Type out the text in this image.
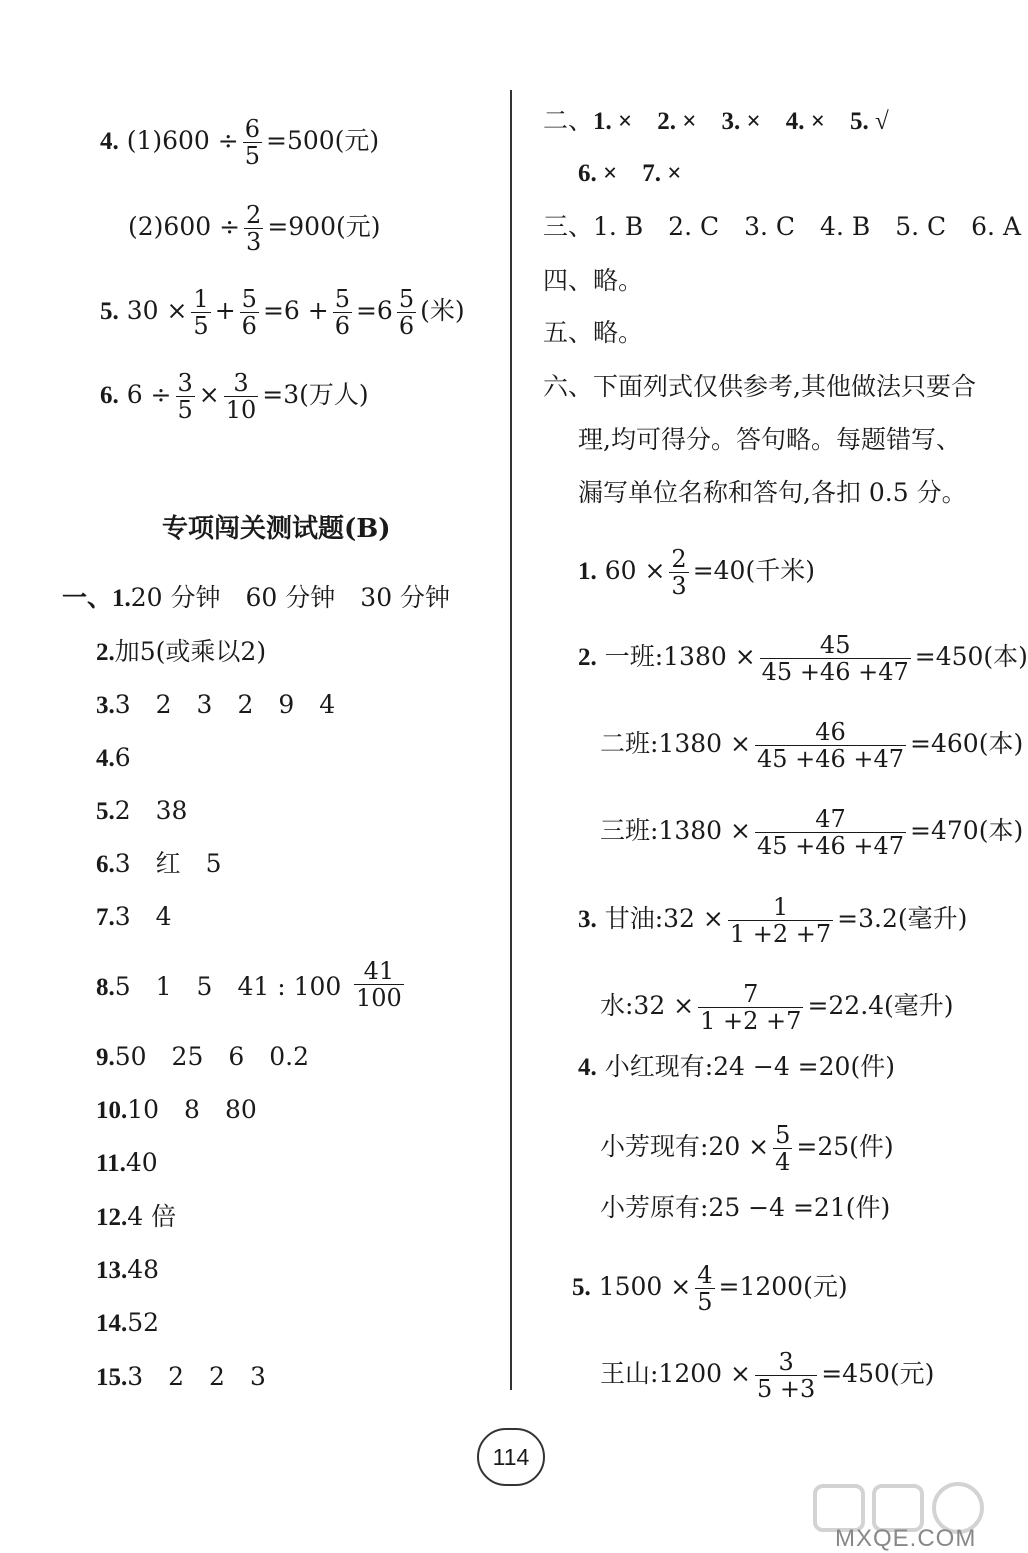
4. $(1)600 \div \frac{6}{5} =500$(元)
$(2)600 \div \frac{2}{3} =900$(元)
5. $30 \times \frac{1}{5} + \frac{5}{6} =6 + \frac{5}{6} =6 \frac{5}{6}$ (米)
6. $6 \div \frac{3}{5} \times \frac{3}{10} =3$(万人)
专项闯关测试题(B)
一、1.20 分钟　60 分钟　30 分钟
2.加5(或乘以2)
3.3　2　3　2　9　4
4.6
5.2　38
6.3　红　5
7.3　4
8.5　1　5　41 : 100
9.50　25　6　0.2
10.10　8　80
11.40
12.4 倍
13.48
14.52
15.3　2　2　3
$\frac{41}{100}$
二、1. ×　2. ×　3. ×　4. ×　5. √
6. ×　7. ×
三、1. B　2. C　3. C　4. B　5. C　6. A
四、略。
五、略。
六、下面列式仅供参考,其他做法只要合
理,均可得分。答句略。每题错写、
漏写单位名称和答句,各扣 0.5 分。
1. $60 \times \frac{2}{3} =40$(千米)
2. 一班:1380 × $\frac{45}{45 +46 +47} =450$(本)
二班:1380 × $\frac{46}{45 +46 +47} =460$(本)
三班:1380 × $\frac{47}{45 +46 +47} =470$(本)
3. 甘油:32 × $\frac{1}{1 +2 +7} =3.2$(毫升)
水:32 × $\frac{7}{1 +2 +7} =22.4$(毫升)
4. 小红现有:24 −4 =20(件)
小芳现有:20 × $\frac{5}{4} =25$(件)
小芳原有:25 −4 =21(件)
5. $1500 \times \frac{4}{5} =1200$(元)
王山:1200 × $\frac{3}{5 +3} =450$(元)
114
MXQE.COM
